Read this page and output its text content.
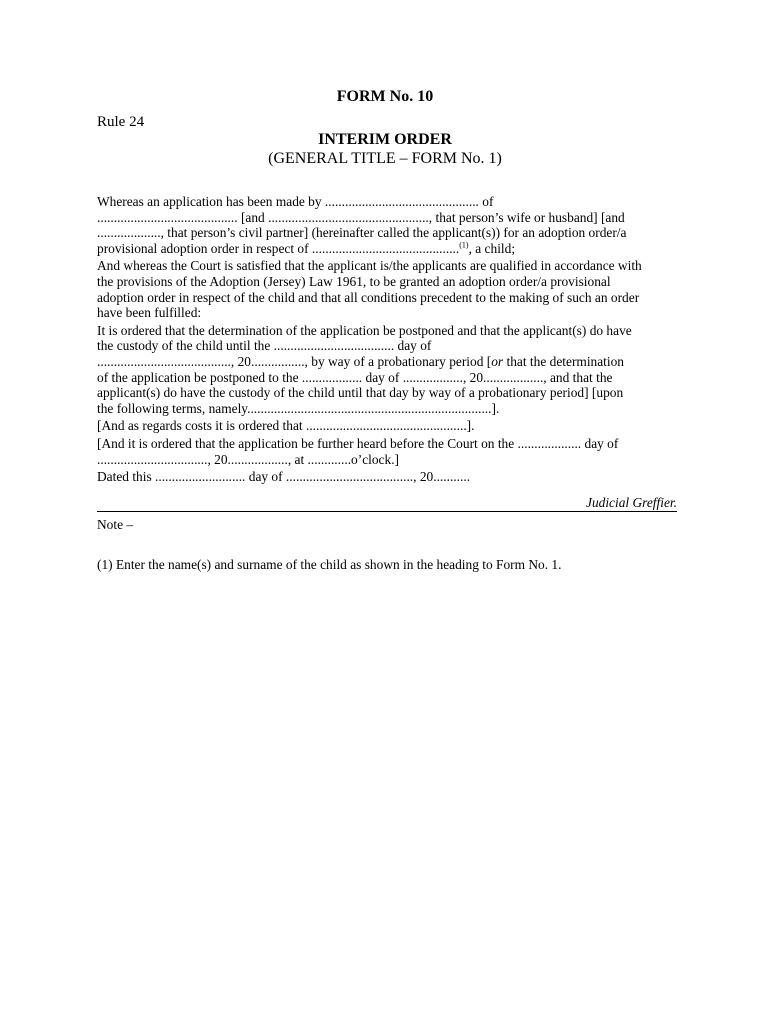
FORM No. 10
Rule 24
INTERIM ORDER
(GENERAL TITLE – FORM No. 1)

Whereas an application has been made by .............................................. of
.......................................... [and ................................................, that person’s wife or husband] [and
..................., that person’s civil partner] (hereinafter called the applicant(s)) for an adoption order/a
provisional adoption order in respect of ............................................$^{(1)}$, a child;

And whereas the Court is satisfied that the applicant is/the applicants are qualified in accordance with
the provisions of the Adoption (Jersey) Law 1961, to be granted an adoption order/a provisional
adoption order in respect of the child and that all conditions precedent to the making of such an order
have been fulfilled:

It is ordered that the determination of the application be postponed and that the applicant(s) do have
the custody of the child until the .................................... day of
........................................, 20................, by way of a probationary period [or that the determination
of the application be postponed to the .................. day of .................., 20.................., and that the
applicant(s) do have the custody of the child until that day by way of a probationary period] [upon
the following terms, namely.........................................................................].

[And as regards costs it is ordered that ................................................].

[And it is ordered that the application be further heard before the Court on the ................... day of
................................., 20.................., at .............o’clock.]

Dated this ........................... day of ......................................, 20...........

Judicial Greffier.
Note –
(1) Enter the name(s) and surname of the child as shown in the heading to Form No. 1.
